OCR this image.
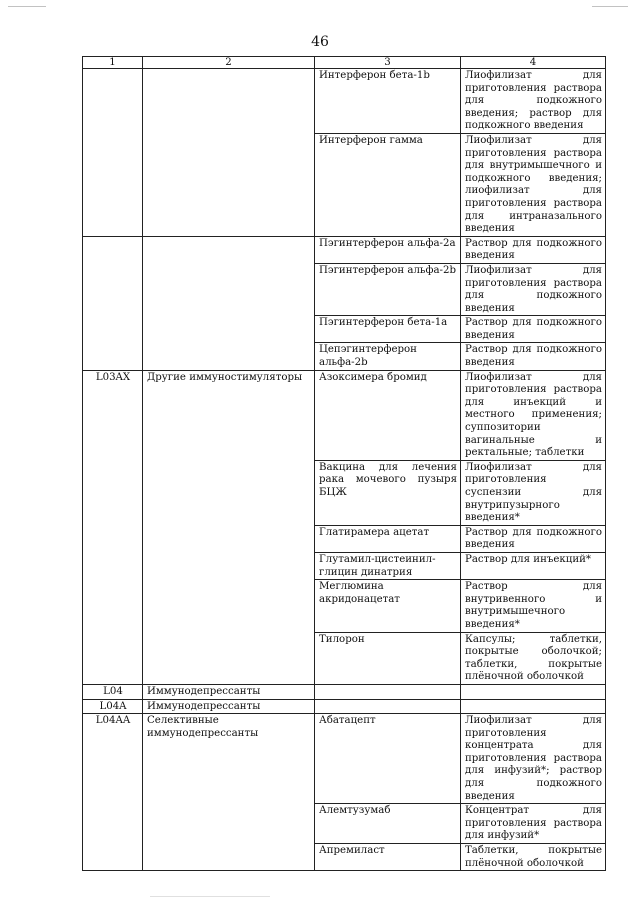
46
1	2	3	4
		Интерферон бета-1b	Лиофилизат для приготовления раствора для подкожного введения; раствор для подкожного введения
		Интерферон гамма	Лиофилизат для приготовления раствора для внутримышечного и подкожного введения; лиофилизат для приготовления раствора для интраназального введения
		Пэгинтерферон альфа-2а	Раствор для подкожного введения
		Пэгинтерферон альфа-2b	Лиофилизат для приготовления раствора для подкожного введения
		Пэгинтерферон бета-1а	Раствор для подкожного введения
		Цепэгинтерферон альфа-2b	Раствор для подкожного введения
L03AX	Другие иммуностимуляторы	Азоксимера бромид	Лиофилизат для приготовления раствора для инъекций и местного применения; суппозитории вагинальные и ректальные; таблетки
		Вакцина для лечения рака мочевого пузыря БЦЖ	Лиофилизат для приготовления суспензии для внутрипузырного введения*
		Глатирамера ацетат	Раствор для подкожного введения
		Глутамил-цистеинил-глицин динатрия	Раствор для инъекций*
		Меглюмина акридонацетат	Раствор для внутривенного и внутримышечного введения*
		Тилорон	Капсулы; таблетки, покрытые оболочкой; таблетки, покрытые плёночной оболочкой
L04	Иммунодепрессанты		
L04A	Иммунодепрессанты		
L04AA	Селективные иммунодепрессанты	Абатацепт	Лиофилизат для приготовления концентрата для приготовления раствора для инфузий*; раствор для подкожного введения
		Алемтузумаб	Концентрат для приготовления раствора для инфузий*
		Апремиласт	Таблетки, покрытые плёночной оболочкой
